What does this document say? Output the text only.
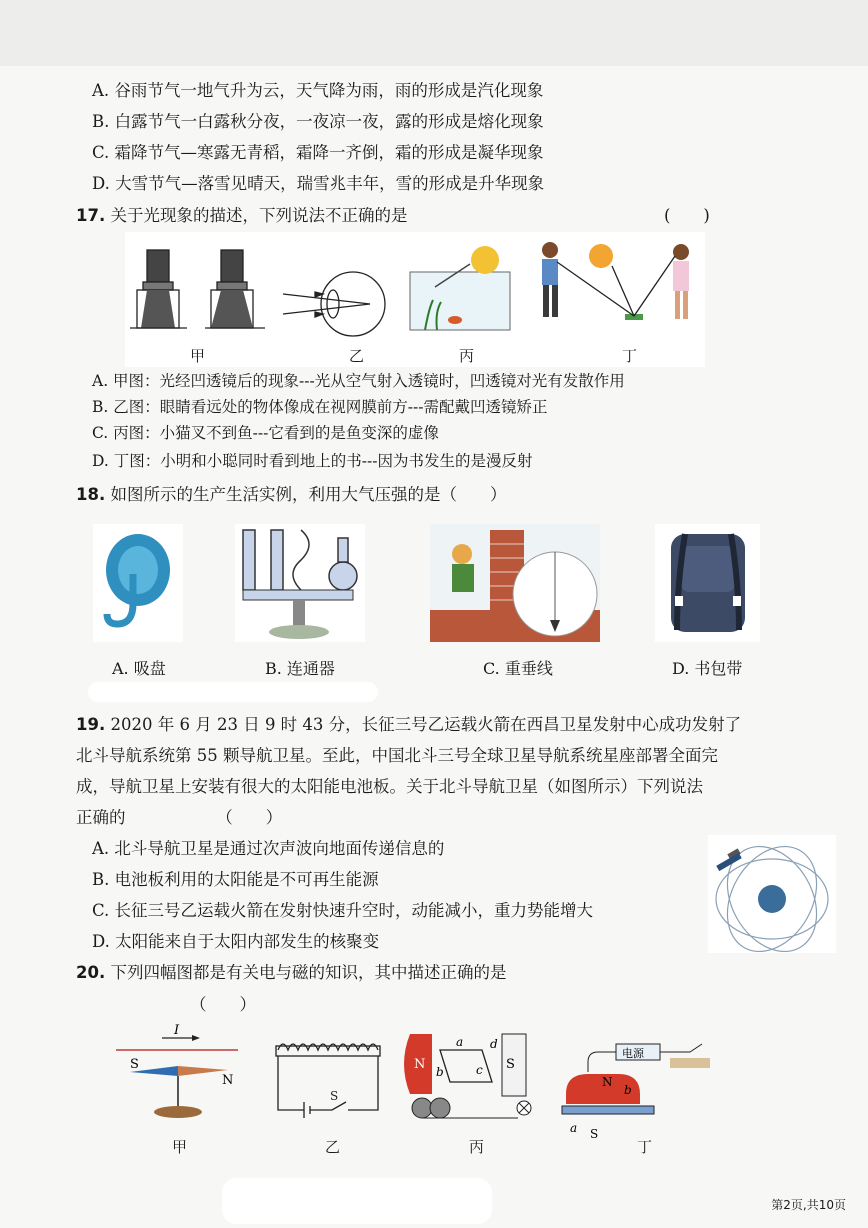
A. 谷雨节气一地气升为云，天气降为雨，雨的形成是汽化现象
B. 白露节气一白露秋分夜，一夜凉一夜，露的形成是熔化现象
C. 霜降节气—寒露无青稻，霜降一齐倒，霜的形成是凝华现象
D. 大雪节气—落雪见晴天，瑞雪兆丰年，雪的形成是升华现象
17. 关于光现象的描述，下列说法不正确的是	(　　)
甲	乙	丙	丁
A. 甲图：光经凹透镜后的现象---光从空气射入透镜时，凹透镜对光有发散作用
B. 乙图：眼睛看远处的物体像成在视网膜前方---需配戴凹透镜矫正
C. 丙图：小猫叉不到鱼---它看到的是鱼变深的虚像
D. 丁图：小明和小聪同时看到地上的书---因为书发生的是漫反射
18. 如图所示的生产生活实例，利用大气压强的是（　　）
A. 吸盘	B. 连通器	C. 重垂线	D. 书包带
19. 2020 年 6 月 23 日 9 时 43 分，长征三号乙运载火箭在西昌卫星发射中心成功发射了
北斗导航系统第 55 颗导航卫星。至此，中国北斗三号全球卫星导航系统星座部署全面完
成，导航卫星上安装有很大的太阳能电池板。关于北斗导航卫星（如图所示）下列说法
正确的　　　　　　（　　）
A. 北斗导航卫星是通过次声波向地面传递信息的
B. 电池板利用的太阳能是不可再生能源
C. 长征三号乙运载火箭在发射快速升空时，动能减小，重力势能增大
D. 太阳能来自于太阳内部发生的核聚变
20. 下列四幅图都是有关电与磁的知识，其中描述正确的是
（　　）
I
S
N
S
N	S
a
b	c
d
电源
N
S
a
b
甲	乙	丙	丁
第2页,共10页
